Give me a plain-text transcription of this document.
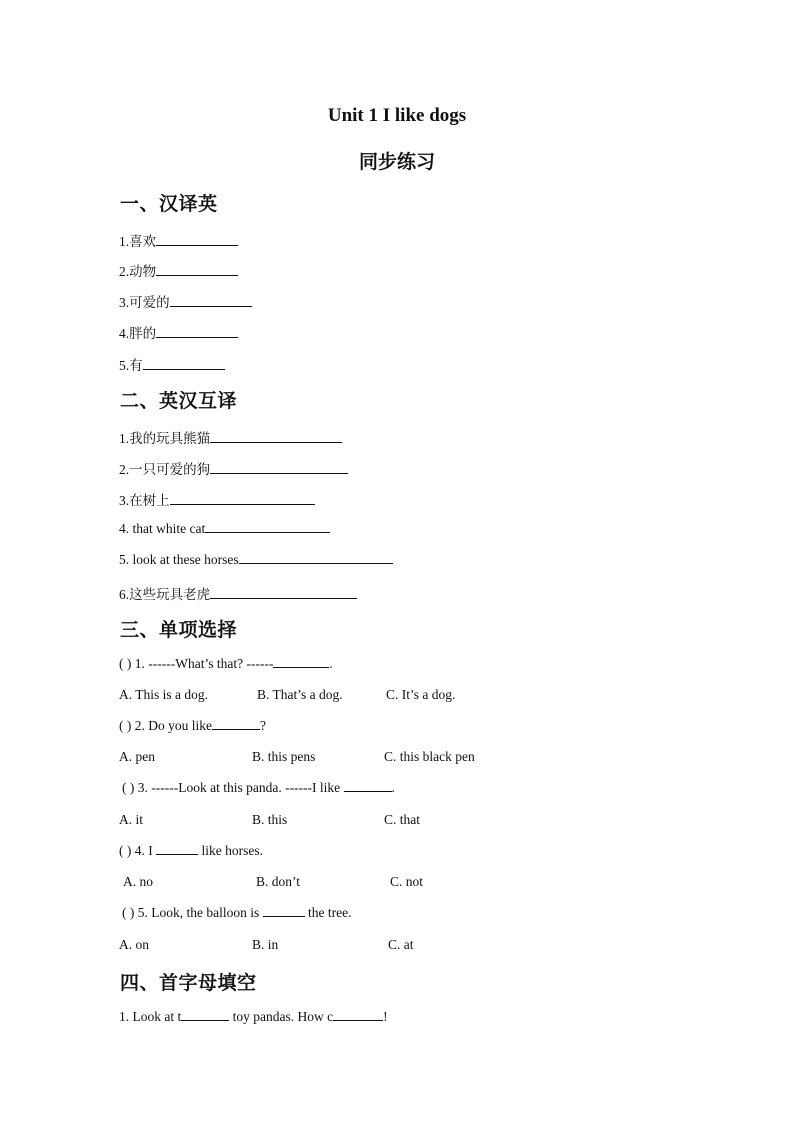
Unit 1 I like dogs
同步练习
一、汉译英
1.喜欢
2.动物
3.可爱的
4.胖的
5.有
二、英汉互译
1.我的玩具熊猫
2.一只可爱的狗
3.在树上
4. that white cat
5. look at these horses
6.这些玩具老虎
三、单项选择
( ) 1. ------What’s that? ------	.
A. This is a dog.	B. That’s a dog.	C. It’s a dog.
( ) 2. Do you like	?
A. pen	B. this pens	C. this black pen
( ) 3. ------Look at this panda. ------I like	.
A. it	B. this	C. that
( ) 4. I	like horses.
A. no	B. don’t	C. not
( ) 5. Look, the balloon is	the tree.
A. on	B. in	C. at
四、首字母填空
1. Look at t	toy pandas. How c	!
